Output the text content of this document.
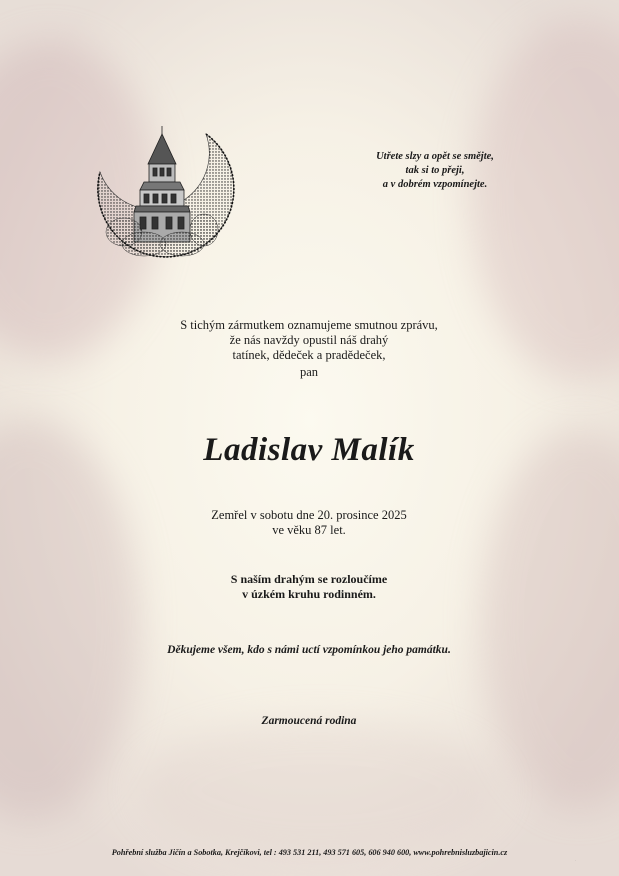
Utřete slzy a opět se smějte,
tak si to přeji,
a v dobrém vzpomínejte.
S tichým zármutkem oznamujeme smutnou zprávu,
že nás navždy opustil náš drahý
tatínek, dědeček a pradědeček,
pan
Ladislav Malík
Zemřel v sobotu dne 20. prosince 2025
ve věku 87 let.
S naším drahým se rozloučíme
v úzkém kruhu rodinném.
Děkujeme všem, kdo s námi uctí vzpomínkou jeho památku.
Zarmoucená rodina
Pohřební služba Jičín a Sobotka, Krejčíkovi, tel : 493 531 211, 493 571 605, 606 940 600, www.pohrebnisluzbajicin.cz
·
